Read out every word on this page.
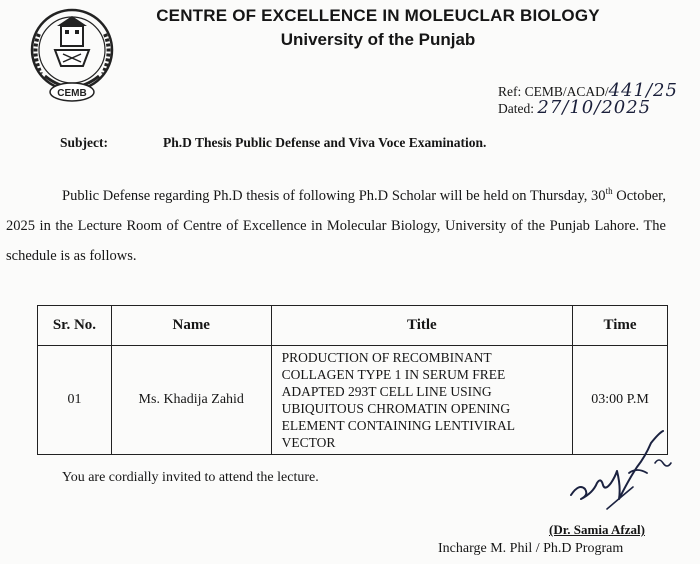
CEMB
CENTRE OF EXCELLENCE IN MOLEUCLAR BIOLOGY
University of the Punjab
Ref: CEMB/ACAD/441/25
Dated: 27/10/2025
Subject:	Ph.D Thesis Public Defense and Viva Voce Examination.
Public Defense regarding Ph.D thesis of following Ph.D Scholar will be held on Thursday, 30th October, 2025 in the Lecture Room of Centre of Excellence in Molecular Biology, University of the Punjab Lahore. The schedule is as follows.
Sr. No.	Name	Title	Time
01	Ms. Khadija Zahid	PRODUCTION OF RECOMBINANT COLLAGEN TYPE 1 IN SERUM FREE ADAPTED 293T CELL LINE USING UBIQUITOUS CHROMATIN OPENING ELEMENT CONTAINING LENTIVIRAL VECTOR	03:00 P.M
You are cordially invited to attend the lecture.
(Dr. Samia Afzal)
Incharge M. Phil / Ph.D Program
